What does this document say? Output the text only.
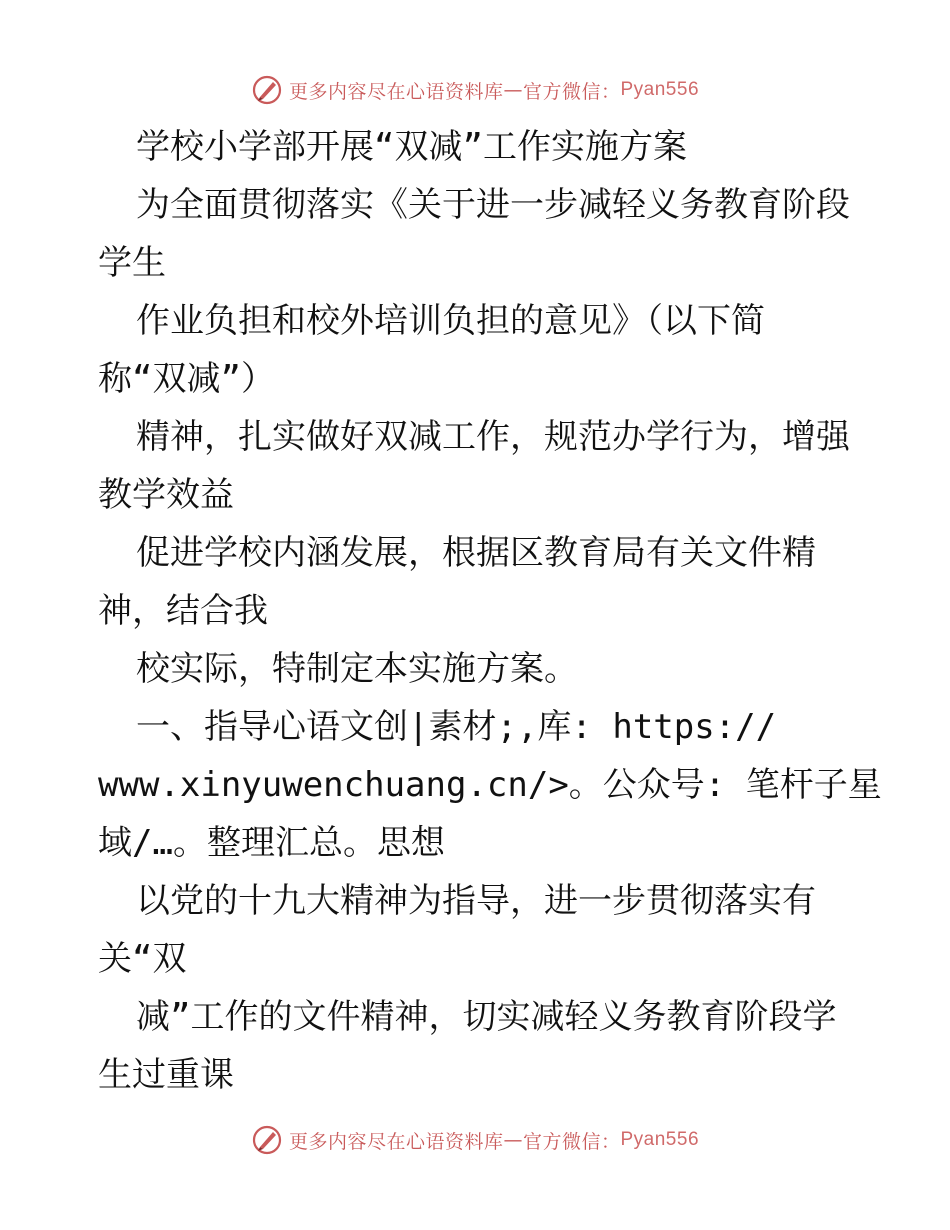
更多内容尽在心语资料库 — 官方微信： Pyan556
学校小学部开展“双减”工作实施方案
为全面贯彻落实《关于进一步减轻义务教育阶段
学生
作业负担和校外培训负担的意见》（以下简
称“双减”）
精神，扎实做好双减工作，规范办学行为，增强
教学效益
促进学校内涵发展，根据区教育局有关文件精
神，结合我
校实际，特制定本实施方案。
一、指导心语文创|素材;,库: https://
www.xinyuwenchuang.cn/>。公众号: 笔杆子星
域/…。整理汇总。思想
以党的十九大精神为指导，进一步贯彻落实有
关“双
减”工作的文件精神，切实减轻义务教育阶段学
生过重课
更多内容尽在心语资料库 — 官方微信： Pyan556
